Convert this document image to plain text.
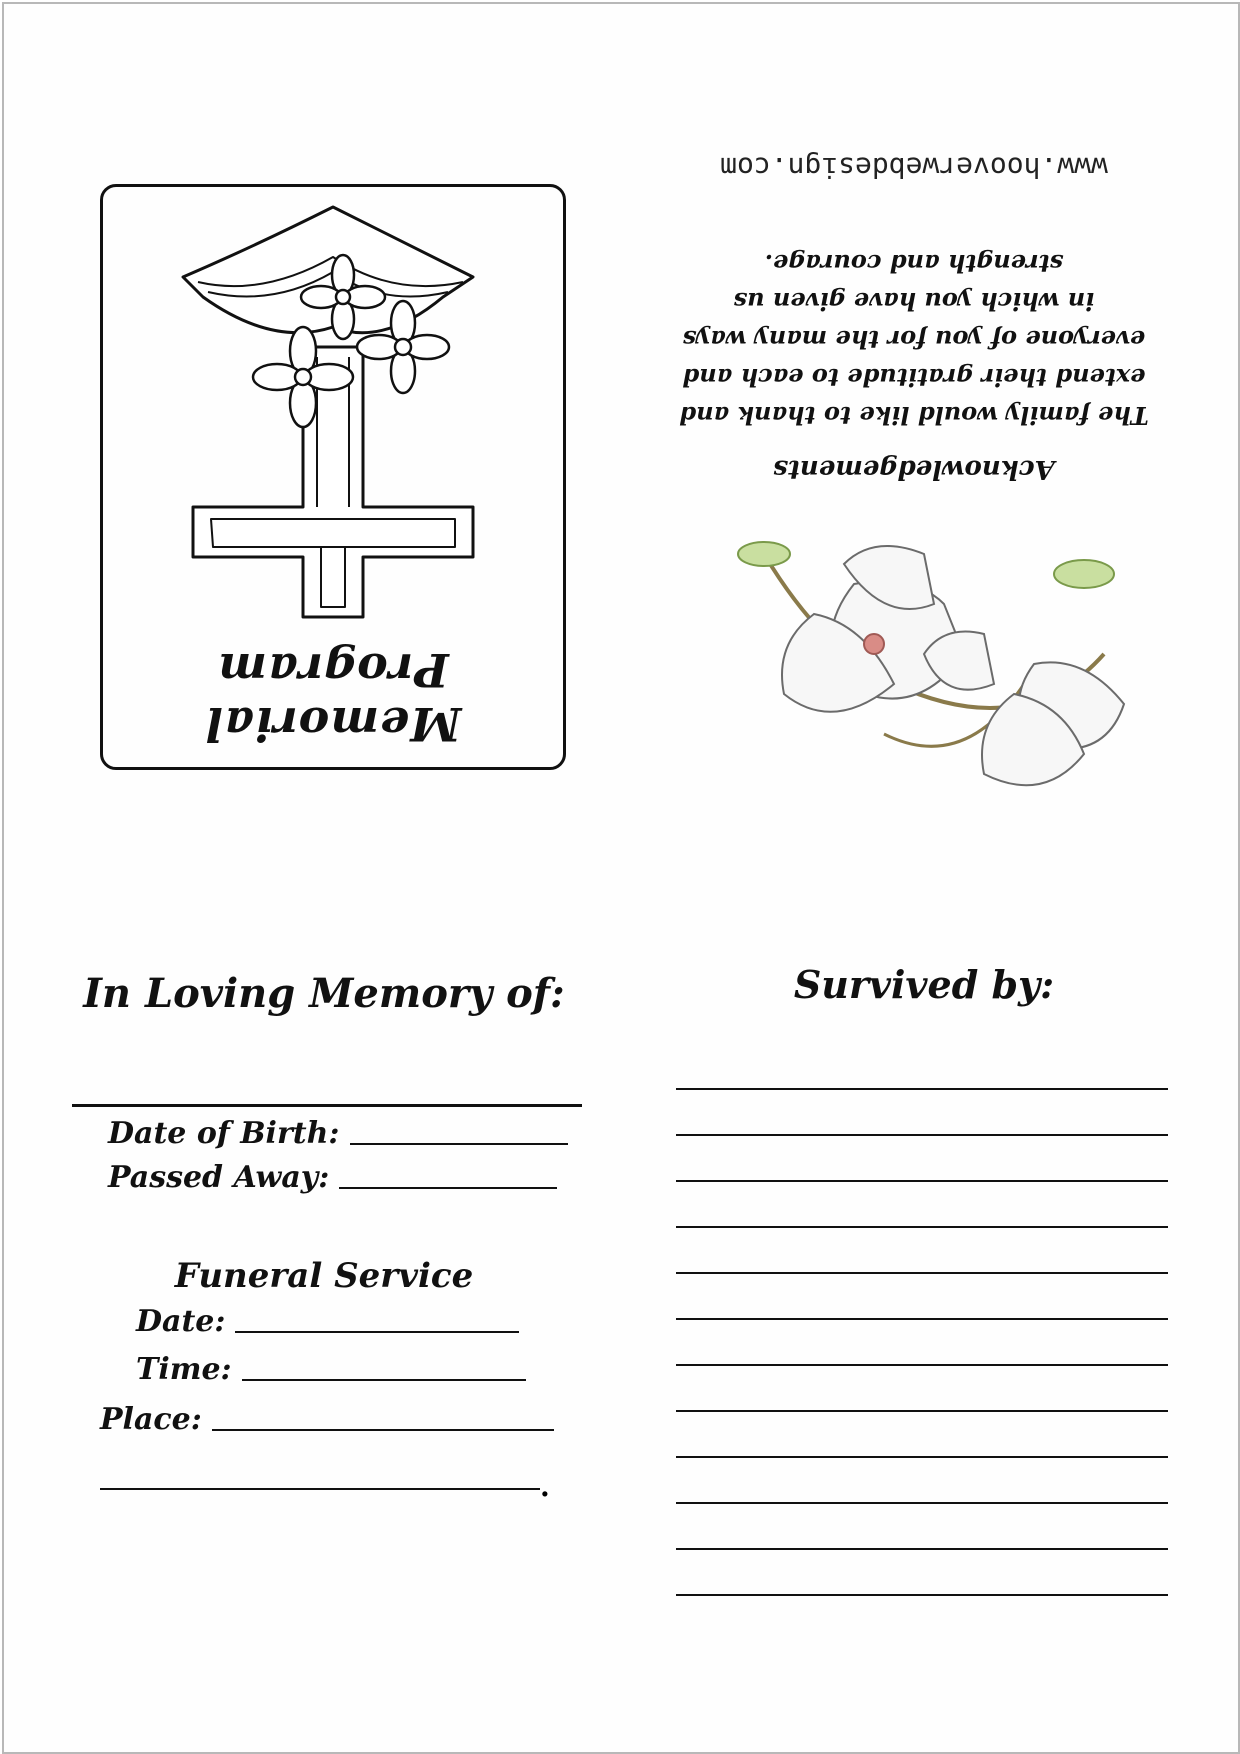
Memorial Program
Acknowledgements
The family would like to thank and
extend their gratitude to each and
everyone of you for the many ways
in which you have given us
strength and courage.
www.hooverwebdesign.com
In Loving Memory of:
Date of Birth:
Passed Away:
Funeral Service
Date:
Time:
Place:
.
Survived by:
